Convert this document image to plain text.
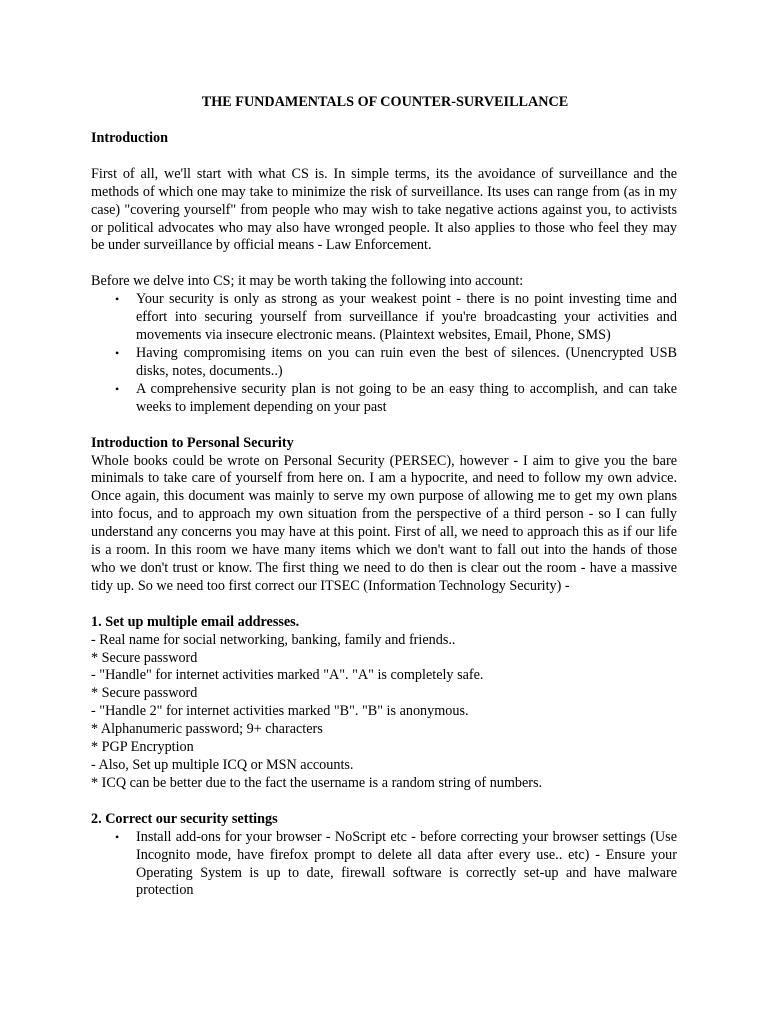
THE FUNDAMENTALS OF COUNTER-SURVEILLANCE

Introduction

First of all, we'll start with what CS is. In simple terms, its the avoidance of surveillance and the methods of which one may take to minimize the risk of surveillance. Its uses can range from (as in my case) "covering yourself" from people who may wish to take negative actions against you, to activists or political advocates who may also have wronged people. It also applies to those who feel they may be under surveillance by official means - Law Enforcement.

Before we delve into CS; it may be worth taking the following into account:

• Your security is only as strong as your weakest point - there is no point investing time and effort into securing yourself from surveillance if you're broadcasting your activities and movements via insecure electronic means. (Plaintext websites, Email, Phone, SMS)
• Having compromising items on you can ruin even the best of silences. (Unencrypted USB disks, notes, documents..)
• A comprehensive security plan is not going to be an easy thing to accomplish, and can take weeks to implement depending on your past

Introduction to Personal Security

Whole books could be wrote on Personal Security (PERSEC), however - I aim to give you the bare minimals to take care of yourself from here on. I am a hypocrite, and need to follow my own advice. Once again, this document was mainly to serve my own purpose of allowing me to get my own plans into focus, and to approach my own situation from the perspective of a third person - so I can fully understand any concerns you may have at this point. First of all, we need to approach this as if our life is a room. In this room we have many items which we don't want to fall out into the hands of those who we don't trust or know. The first thing we need to do then is clear out the room - have a massive tidy up. So we need too first correct our ITSEC (Information Technology Security) -

1. Set up multiple email addresses.

- Real name for social networking, banking, family and friends..

* Secure password

- "Handle" for internet activities marked "A". "A" is completely safe.

* Secure password

- "Handle 2" for internet activities marked "B". "B" is anonymous.

* Alphanumeric password; 9+ characters

* PGP Encryption

- Also, Set up multiple ICQ or MSN accounts.

* ICQ can be better due to the fact the username is a random string of numbers.

2. Correct our security settings

• Install add-ons for your browser - NoScript etc - before correcting your browser settings (Use Incognito mode, have firefox prompt to delete all data after every use.. etc) - Ensure your Operating System is up to date, firewall software is correctly set-up and have malware protection
